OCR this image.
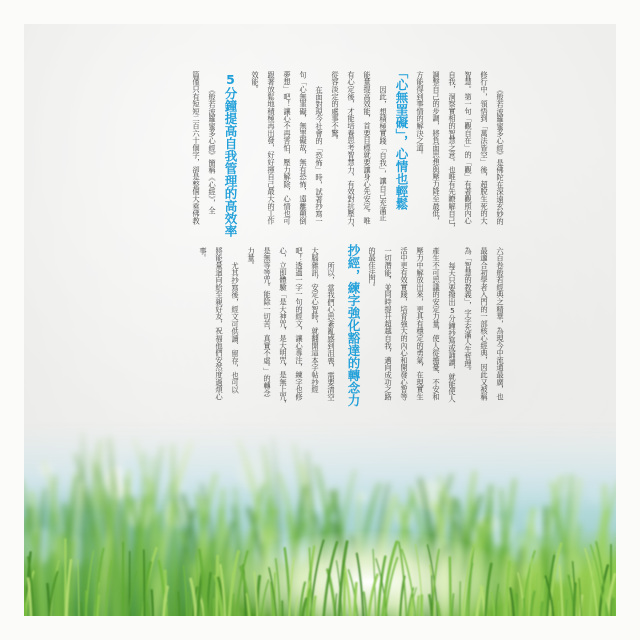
《般若波羅蜜多心經》是佛陀在深遠玄妙的
修行中，領悟到「萬法皆空」後，超脫生死的大
智慧。第一句「觀自在」的「觀」有著觀照內心
自我，洞察實相的智慧之意。也唯有先瞭解自己，
調整自己的步調，將負面思想與壓力降至最低，
方能得到事情的解決之道。
「心無罣礙」，心情也輕鬆
因此，想積極實踐「自我」，讓自己充滿正
能量提高效能，首要目標就要讓身心先安定。唯
有心定後，才能培養思考智慧力，有效對抗壓力，
從容淡定的處事不驚。
在面對現今社會的「恐怖」時，試著抄寫一
句「心無罣礙，無罣礙故，無有恐怖，遠離顛倒
夢想」吧！讓心不再害怕，壓力解除，心情也可
跟著放鬆地積極再出發，好好揮自己最大的工作
效能。
5分鐘提高自我管理的高效率
《般若波羅蜜多心經》簡稱《心經》，全
篇僅只有短短二百六十個字，卻是整個大乘佛教
六百卷般若經典之精華，為現今中流通最廣，也
最適合初學者入門的一部核心經典，因此又被稱
為「智慧的教義」，字字充滿人生哲理。
每天只要撥出5分鐘抄寫或誦讀，就能使人
產生不可思議的安定力量，使人從擔憂、不安和
壓力中解放出來，更具有穩定的勇氣，在現實生
活中更有效實踐，培育強大的內心和開發心智等
一切潛能，並同時提升超越自我，邁向成功之路
的最佳法門。
抄經，練字強化豁達的轉念力
所以，當我們心思紊亂感到沮喪，需要清空
大腦雜訊，安定心智時，就翻開這本字帖抄經
吧！透過一字一句的經文，讓心專注，練字也修
心，立即體驗「是大神咒，是大明咒，是無上咒，
是無等等咒。能除一切苦，真實不虛。」的轉念
力量。
尤其抄寫後，經文可供讀、留存，也可以
將能量迴向給至親好友，祝福他們安然度過煩心
事。
